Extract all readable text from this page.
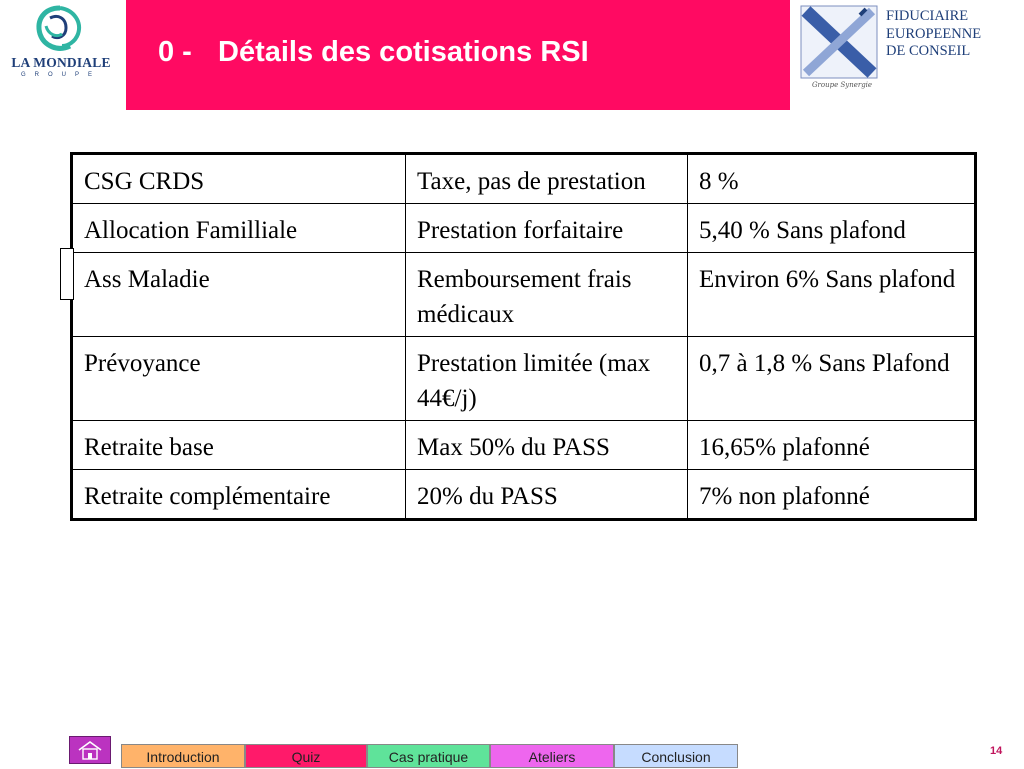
LA MONDIALE
GROUPE
0 - Détails des cotisations RSI
Groupe Synergie
FIDUCIAIRE
EUROPEENNE
DE CONSEIL
CSG CRDS	Taxe, pas de prestation	8 %
Allocation Familliale	Prestation forfaitaire	5,40 % Sans plafond
Ass Maladie	Remboursement frais médicaux	Environ 6% Sans plafond
Prévoyance	Prestation limitée (max 44€/j)	0,7 à 1,8 % Sans Plafond
Retraite base	Max 50% du PASS	16,65% plafonné
Retraite complémentaire	20% du PASS	7% non plafonné
Introduction	Quiz	Cas pratique	Ateliers	Conclusion	14
